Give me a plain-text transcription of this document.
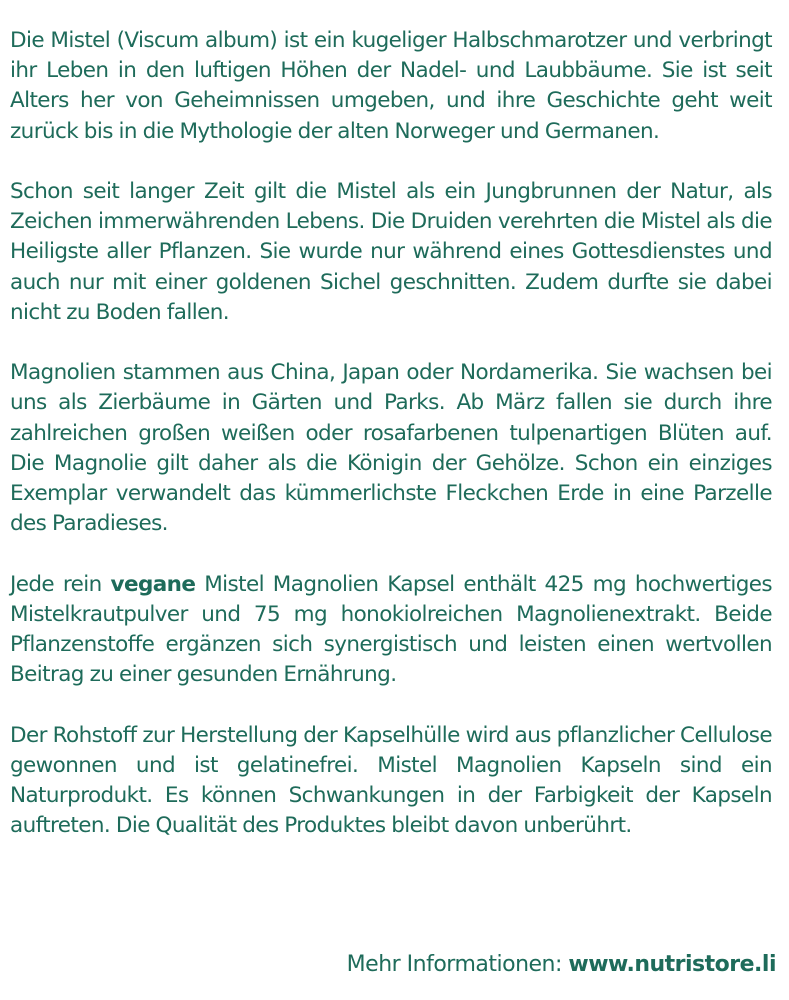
Die Mistel (Viscum album) ist ein kugeliger Halbschmarotzer und verbringt ihr Leben in den luftigen Höhen der Nadel- und Laubbäume. Sie ist seit Alters her von Geheimnissen umgeben, und ihre Geschichte geht weit zurück bis in die Mythologie der alten Norweger und Germanen.

Schon seit langer Zeit gilt die Mistel als ein Jungbrunnen der Natur, als Zeichen immerwährenden Lebens. Die Druiden verehrten die Mistel als die Heiligste aller Pflanzen. Sie wurde nur während eines Gottesdienstes und auch nur mit einer goldenen Sichel geschnitten. Zudem durfte sie dabei nicht zu Boden fallen.

Magnolien stammen aus China, Japan oder Nordamerika. Sie wachsen bei uns als Zierbäume in Gärten und Parks. Ab März fallen sie durch ihre zahlreichen großen weißen oder rosafarbenen tulpenartigen Blüten auf. Die Magnolie gilt daher als die Königin der Gehölze. Schon ein einziges Exemplar verwandelt das kümmerlichste Fleckchen Erde in eine Parzelle des Paradieses.

Jede rein vegane Mistel Magnolien Kapsel enthält 425 mg hochwertiges Mistelkrautpulver und 75 mg honokiolreichen Magnolienextrakt. Beide Pflanzenstoffe ergänzen sich synergistisch und leisten einen wertvollen Beitrag zu einer gesunden Ernährung.

Der Rohstoff zur Herstellung der Kapselhülle wird aus pflanzlicher Cellulose gewonnen und ist gelatinefrei. Mistel Magnolien Kapseln sind ein Naturprodukt. Es können Schwankungen in der Farbigkeit der Kapseln auftreten. Die Qualität des Produktes bleibt davon unberührt.

Mehr Informationen: www.nutristore.li
